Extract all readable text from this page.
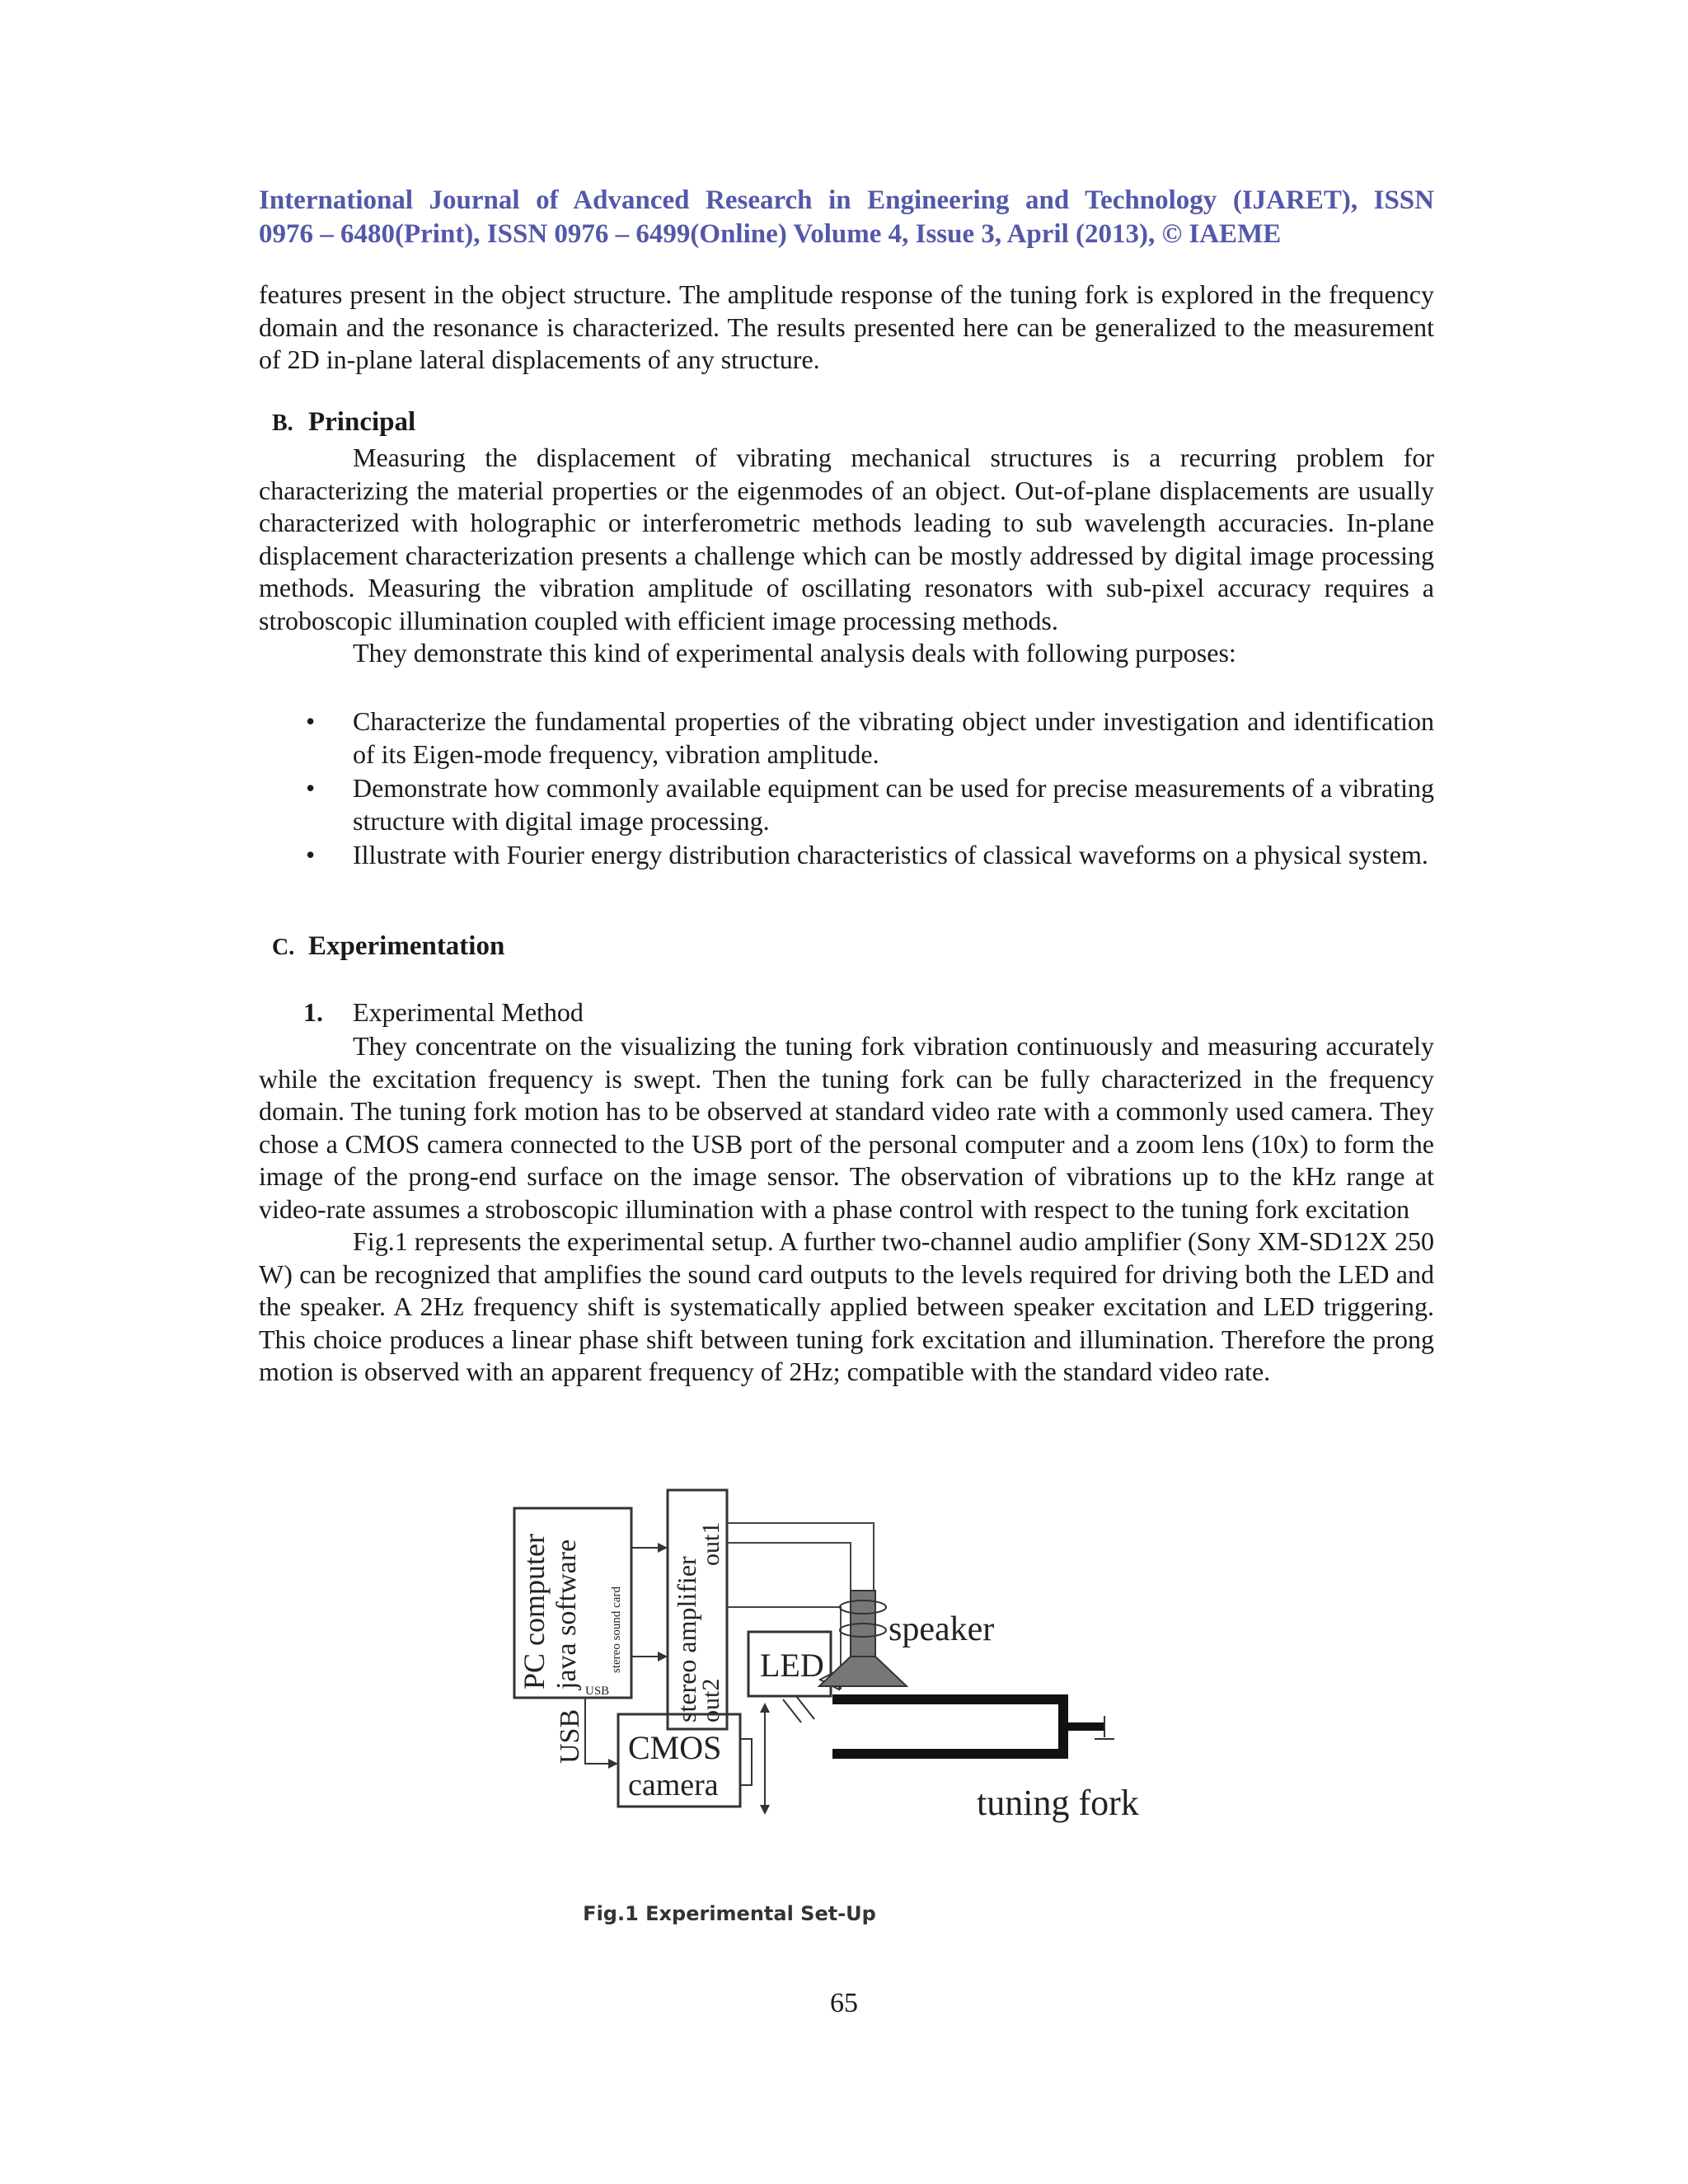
International Journal of Advanced Research in Engineering and Technology (IJARET), ISSN
0976 – 6480(Print), ISSN 0976 – 6499(Online) Volume 4, Issue 3, April (2013), © IAEME

features present in the object structure. The amplitude response of the tuning fork is explored in the frequency domain and the resonance is characterized. The results presented here can be generalized to the measurement of 2D in-plane lateral displacements of any structure.

B. Principal

Measuring the displacement of vibrating mechanical structures is a recurring problem for characterizing the material properties or the eigenmodes of an object. Out-of-plane displacements are usually characterized with holographic or interferometric methods leading to sub wavelength accuracies. In-plane displacement characterization presents a challenge which can be mostly addressed by digital image processing methods. Measuring the vibration amplitude of oscillating resonators with sub-pixel accuracy requires a stroboscopic illumination coupled with efficient image processing methods.

They demonstrate this kind of experimental analysis deals with following purposes:

• Characterize the fundamental properties of the vibrating object under investigation and identification of its Eigen-mode frequency, vibration amplitude.
• Demonstrate how commonly available equipment can be used for precise measurements of a vibrating structure with digital image processing.
• Illustrate with Fourier energy distribution characteristics of classical waveforms on a physical system.
C. Experimentation
1. Experimental Method

They concentrate on the visualizing the tuning fork vibration continuously and measuring accurately while the excitation frequency is swept. Then the tuning fork can be fully characterized in the frequency domain. The tuning fork motion has to be observed at standard video rate with a commonly used camera. They chose a CMOS camera connected to the USB port of the personal computer and a zoom lens (10x) to form the image of the prong-end surface on the image sensor. The observation of vibrations up to the kHz range at video-rate assumes a stroboscopic illumination with a phase control with respect to the tuning fork excitation

Fig.1 represents the experimental setup. A further two-channel audio amplifier (Sony XM-SD12X 250 W) can be recognized that amplifies the sound card outputs to the levels required for driving both the LED and the speaker. A 2Hz frequency shift is systematically applied between speaker excitation and LED triggering. This choice produces a linear phase shift between tuning fork excitation and illumination. Therefore the prong motion is observed with an apparent frequency of 2Hz; compatible with the standard video rate.

PC computer java software stereo sound card
USB stereo amplifier
out1
out2
LED
speaker
tuning fork
USB CMOS
camera
Fig.1 Experimental Set-Up
65
